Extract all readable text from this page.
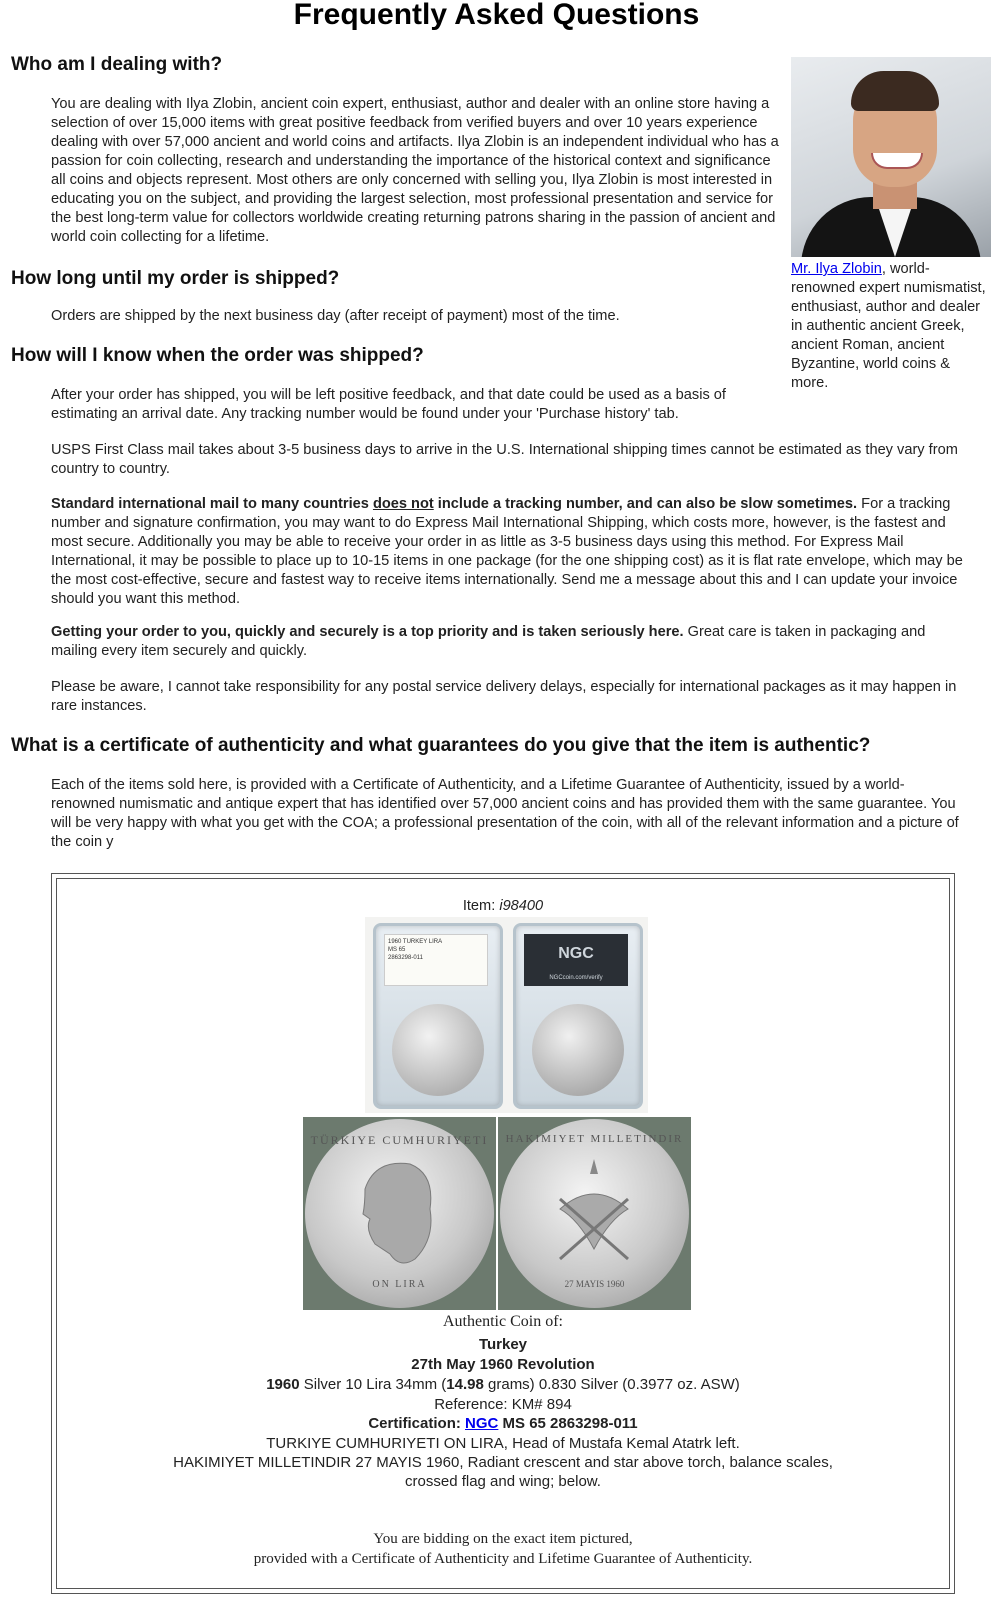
Frequently Asked Questions
Who am I dealing with?

You are dealing with Ilya Zlobin, ancient coin expert, enthusiast, author and dealer with an online store having a selection of over 15,000 items with great positive feedback from verified buyers and over 10 years experience dealing with over 57,000 ancient and world coins and artifacts. Ilya Zlobin is an independent individual who has a passion for coin collecting, research and understanding the importance of the historical context and significance all coins and objects represent. Most others are only concerned with selling you, Ilya Zlobin is most interested in educating you on the subject, and providing the largest selection, most professional presentation and service for the best long-term value for collectors worldwide creating returning patrons sharing in the passion of ancient and world coin collecting for a lifetime.

Mr. Ilya Zlobin, world-renowned expert numismatist, enthusiast, author and dealer in authentic ancient Greek, ancient Roman, ancient Byzantine, world coins & more.
How long until my order is shipped?

Orders are shipped by the next business day (after receipt of payment) most of the time.

How will I know when the order was shipped?

After your order has shipped, you will be left positive feedback, and that date could be used as a basis of estimating an arrival date. Any tracking number would be found under your 'Purchase history' tab.

USPS First Class mail takes about 3-5 business days to arrive in the U.S. International shipping times cannot be estimated as they vary from country to country.

Standard international mail to many countries does not include a tracking number, and can also be slow sometimes. For a tracking number and signature confirmation, you may want to do Express Mail International Shipping, which costs more, however, is the fastest and most secure. Additionally you may be able to receive your order in as little as 3-5 business days using this method. For Express Mail International, it may be possible to place up to 10-15 items in one package (for the one shipping cost) as it is flat rate envelope, which may be the most cost-effective, secure and fastest way to receive items internationally. Send me a message about this and I can update your invoice should you want this method.

Getting your order to you, quickly and securely is a top priority and is taken seriously here. Great care is taken in packaging and mailing every item securely and quickly.

Please be aware, I cannot take responsibility for any postal service delivery delays, especially for international packages as it may happen in rare instances.

What is a certificate of authenticity and what guarantees do you give that the item is authentic?

Each of the items sold here, is provided with a Certificate of Authenticity, and a Lifetime Guarantee of Authenticity, issued by a world-renowned numismatic and antique expert that has identified over 57,000 ancient coins and has provided them with the same guarantee. You will be very happy with what you get with the COA; a professional presentation of the coin, with all of the relevant information and a picture of the coin y

Item: i98400
1960 TURKEY LIRA
MS 65
2863298-011	NGC
NGCcoin.com/verify
TÜRKIYE CUMHURIYETI
ON LIRA
HAKIMIYET MILLETINDIR
27 MAYIS 1960
Authentic Coin of:
Turkey
27th May 1960 Revolution
1960 Silver 10 Lira 34mm (14.98 grams) 0.830 Silver (0.3977 oz. ASW)
Reference: KM# 894
Certification: NGC MS 65 2863298-011
TURKIYE CUMHURIYETI ON LIRA, Head of Mustafa Kemal Atatrk left.
HAKIMIYET MILLETINDIR 27 MAYIS 1960, Radiant crescent and star above torch, balance scales,
crossed flag and wing; below.
You are bidding on the exact item pictured,
provided with a Certificate of Authenticity and Lifetime Guarantee of Authenticity.
